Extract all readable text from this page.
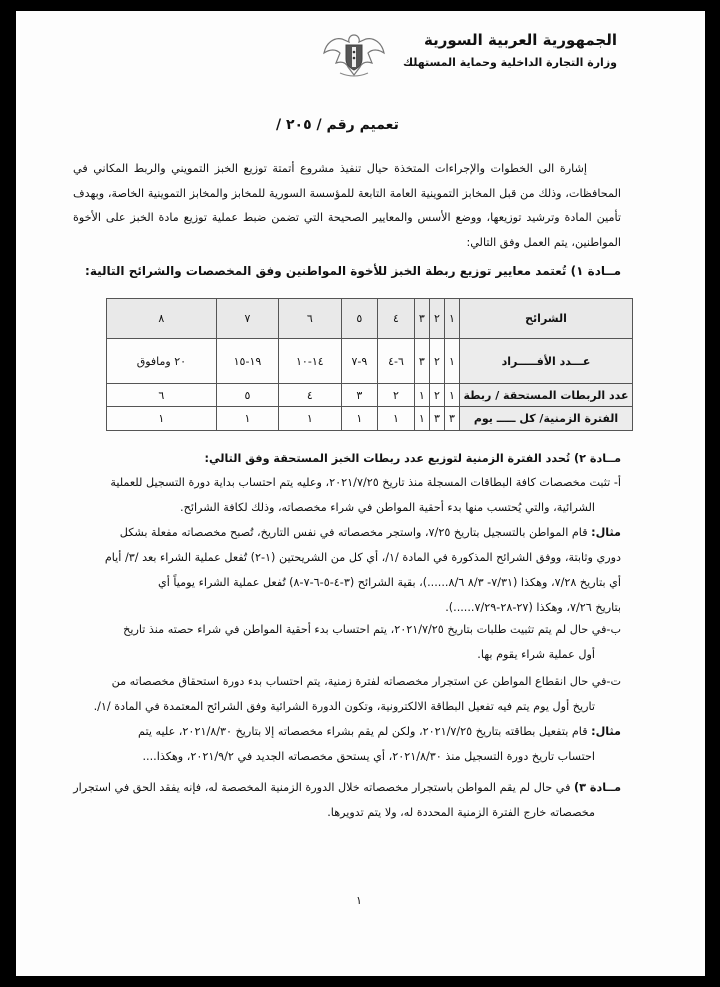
الجمهورية العربية السورية
وزارة التجارة الداخلية وحماية المستهلك
تعميم رقم / ٢٠٥ /
إشارة الى الخطوات والإجراءات المتخذة حيال تنفيذ مشروع أتمتة توزيع الخبز التمويني والربط المكاني في المحافظات، وذلك من قبل المخابز التموينية العامة التابعة للمؤسسة السورية للمخابز والمخابز التموينية الخاصة، وبهدف تأمين المادة وترشيد توزيعها، ووضع الأسس والمعايير الصحيحة التي تضمن ضبط عملية توزيع مادة الخبز على الأخوة المواطنين، يتم العمل وفق التالي:
مــادة ١) تُعتمد معايير توزيع ربطة الخبز للأخوة المواطنين وفق المخصصات والشرائح التالية:
الشرائح	١	٢	٣	٤	٥	٦	٧	٨
عـــدد الأفـــــراد	١	٢	٣	٦-٤	٩-٧	١٤-١٠	١٩-١٥	٢٠ ومافوق
عدد الربطات المستحقة / ربطة	١	٢	١	٢	٣	٤	٥	٦
الفترة الزمنية/ كل ـــــ يوم	٣	٣	١	١	١	١	١	١
مــادة ٢) تُحدد الفترة الزمنية لتوزيع عدد ربطات الخبز المستحقة وفق التالي:
أ- تثبت مخصصات كافة البطاقات المسجلة منذ تاريخ ٢٠٢١/٧/٢٥، وعليه يتم احتساب بداية دورة التسجيل للعملية
الشرائية، والتي يُحتسب منها بدء أحقية المواطن في شراء مخصصاته، وذلك لكافة الشرائح.
مثال: قام المواطن بالتسجيل بتاريخ ٧/٢٥، واستجر مخصصاته في نفس التاريخ، تُصبح مخصصاته مفعلة بشكل
دوري وثابتة، ووفق الشرائح المذكورة في المادة /١/، أي كل من الشريحتين (١-٢) تُفعل عملية الشراء بعد /٣/ أيام
أي بتاريخ ٧/٢٨، وهكذا (٧/٣١- ٨/٣ ٨/٦......)، بقية الشرائح (٣-٤-٥-٦-٧-٨) تُفعل عملية الشراء يومياً أي
بتاريخ ٧/٢٦، وهكذا (٢٧-٢٨-٧/٢٩......).
ب-في حال لم يتم تثبيت طلبات بتاريخ ٢٠٢١/٧/٢٥، يتم احتساب بدء أحقية المواطن في شراء حصته منذ تاريخ
أول عملية شراء يقوم بها.
ت-في حال انقطاع المواطن عن استجرار مخصصاته لفترة زمنية، يتم احتساب بدء دورة استحقاق مخصصاته من
تاريخ أول يوم يتم فيه تفعيل البطاقة الالكترونية، وتكون الدورة الشرائية وفق الشرائح المعتمدة في المادة /١/.
مثال: قام بتفعيل بطاقته بتاريخ ٢٠٢١/٧/٢٥، ولكن لم يقم بشراء مخصصاته إلا بتاريخ ٢٠٢١/٨/٣٠، عليه يتم
احتساب تاريخ دورة التسجيل منذ ٢٠٢١/٨/٣٠، أي يستحق مخصصاته الجديد في ٢٠٢١/٩/٢، وهكذا....
مــادة ٣) في حال لم يقم المواطن باستجرار مخصصاته خلال الدورة الزمنية المخصصة له، فإنه يفقد الحق في استجرار
مخصصاته خارج الفترة الزمنية المحددة له، ولا يتم تدويرها.
١
